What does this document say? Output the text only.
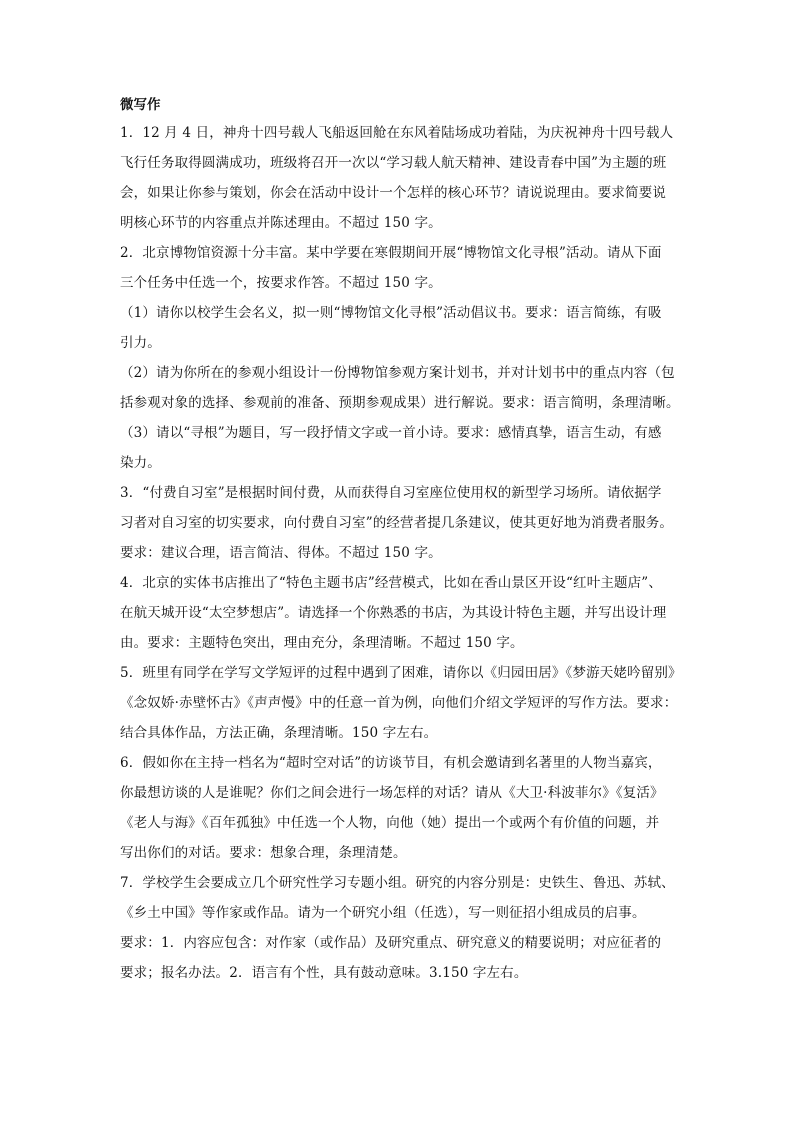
微写作
1．12 月 4 日，神舟十四号载人飞船返回舱在东风着陆场成功着陆，为庆祝神舟十四号载人
飞行任务取得圆满成功，班级将召开一次以“学习载人航天精神、建设青春中国”为主题的班
会，如果让你参与策划，你会在活动中设计一个怎样的核心环节？请说说理由。要求简要说
明核心环节的内容重点并陈述理由。不超过 150 字。
2．北京博物馆资源十分丰富。某中学要在寒假期间开展“博物馆文化寻根”活动。请从下面
三个任务中任选一个，按要求作答。不超过 150 字。
（1）请你以校学生会名义，拟一则“博物馆文化寻根”活动倡议书。要求：语言简练，有吸
引力。
（2）请为你所在的参观小组设计一份博物馆参观方案计划书，并对计划书中的重点内容（包
括参观对象的选择、参观前的准备、预期参观成果）进行解说。要求：语言简明，条理清晰。
（3）请以“寻根”为题目，写一段抒情文字或一首小诗。要求：感情真挚，语言生动，有感
染力。
3．“付费自习室”是根据时间付费，从而获得自习室座位使用权的新型学习场所。请依据学
习者对自习室的切实要求，向付费自习室”的经营者提几条建议，使其更好地为消费者服务。
要求：建议合理，语言简洁、得体。不超过 150 字。
4．北京的实体书店推出了“特色主题书店”经营模式，比如在香山景区开设“红叶主题店”、
在航天城开设“太空梦想店”。请选择一个你熟悉的书店，为其设计特色主题，并写出设计理
由。要求：主题特色突出，理由充分，条理清晰。不超过 150 字。
5．班里有同学在学写文学短评的过程中遇到了困难，请你以《归园田居》《梦游天姥吟留别》
《念奴娇·赤壁怀古》《声声慢》中的任意一首为例，向他们介绍文学短评的写作方法。要求：
结合具体作品，方法正确，条理清晰。150 字左右。
6．假如你在主持一档名为“超时空对话”的访谈节目，有机会邀请到名著里的人物当嘉宾，
你最想访谈的人是谁呢？你们之间会进行一场怎样的对话？请从《大卫·科波菲尔》《复活》
《老人与海》《百年孤独》中任选一个人物，向他（她）提出一个或两个有价值的问题，并
写出你们的对话。要求：想象合理，条理清楚。
7．学校学生会要成立几个研究性学习专题小组。研究的内容分别是：史铁生、鲁迅、苏轼、
《乡土中国》等作家或作品。请为一个研究小组（任选），写一则征招小组成员的启事。
要求：1．内容应包含：对作家（或作品）及研究重点、研究意义的精要说明；对应征者的
要求；报名办法。2．语言有个性，具有鼓动意味。3.150 字左右。
